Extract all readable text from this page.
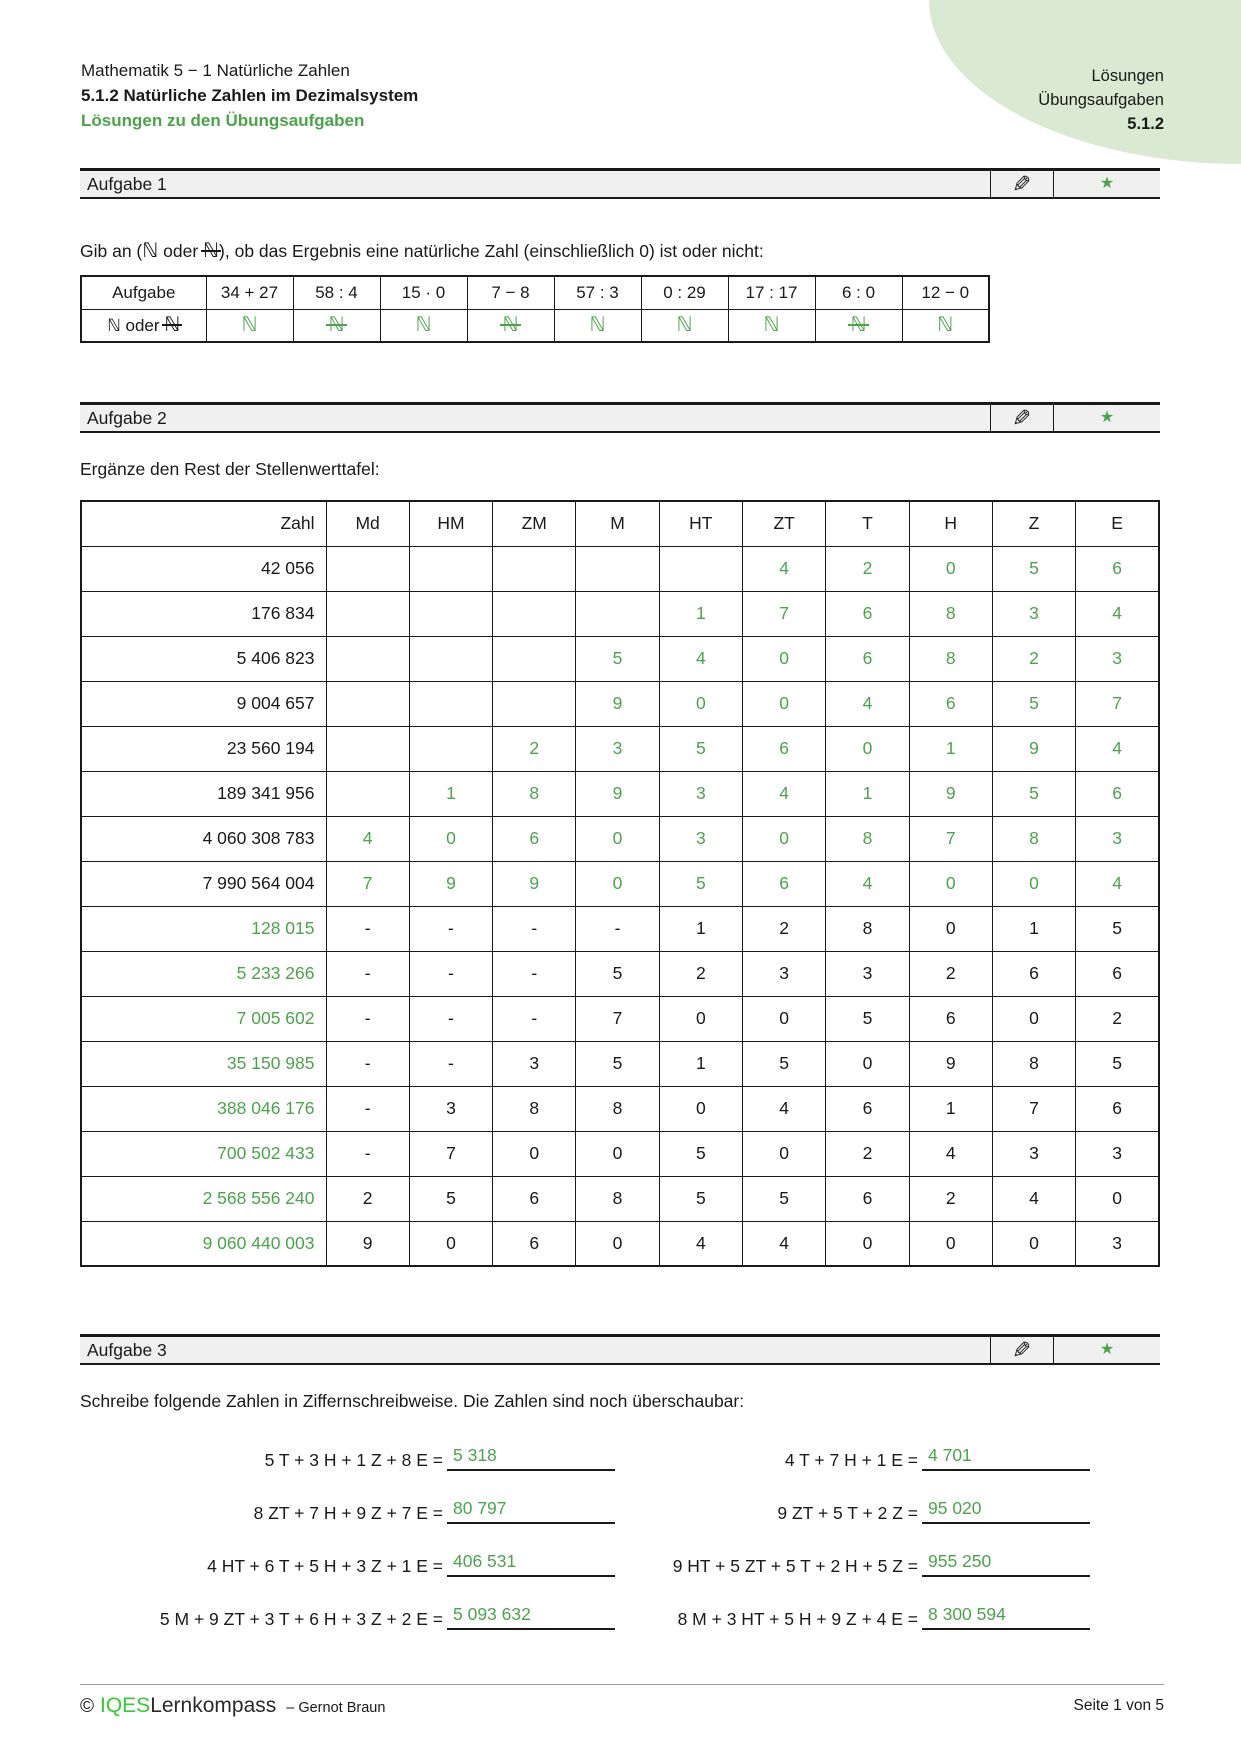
Mathematik 5 − 1 Natürliche Zahlen
5.1.2 Natürliche Zahlen im Dezimalsystem
Lösungen zu den Übungsaufgaben
Lösungen
Übungsaufgaben
5.1.2
Aufgabe 1	✎	★

Gib an (ℕ oder ℕ), ob das Ergebnis eine natürliche Zahl (einschließlich 0) ist oder nicht:

Aufgabe	34 + 27	58 : 4	15 · 0	7 − 8	57 : 3	0 : 29	17 : 17	6 : 0	12 − 0
ℕ oder ℕ	ℕ	ℕ	ℕ	ℕ	ℕ	ℕ	ℕ	ℕ	ℕ
Aufgabe 2	✎	★

Ergänze den Rest der Stellenwerttafel:

Zahl	Md	HM	ZM	M	HT	ZT	T	H	Z	E
42 056						4	2	0	5	6
176 834					1	7	6	8	3	4
5 406 823				5	4	0	6	8	2	3
9 004 657				9	0	0	4	6	5	7
23 560 194			2	3	5	6	0	1	9	4
189 341 956		1	8	9	3	4	1	9	5	6
4 060 308 783	4	0	6	0	3	0	8	7	8	3
7 990 564 004	7	9	9	0	5	6	4	0	0	4
128 015	-	-	-	-	1	2	8	0	1	5
5 233 266	-	-	-	5	2	3	3	2	6	6
7 005 602	-	-	-	7	0	0	5	6	0	2
35 150 985	-	-	3	5	1	5	0	9	8	5
388 046 176	-	3	8	8	0	4	6	1	7	6
700 502 433	-	7	0	0	5	0	2	4	3	3
2 568 556 240	2	5	6	8	5	5	6	2	4	0
9 060 440 003	9	0	6	0	4	4	0	0	0	3
Aufgabe 3	✎	★

Schreibe folgende Zahlen in Ziffernschreibweise. Die Zahlen sind noch überschaubar:

5 T + 3 H + 1 Z + 8 E = 5 318	4 T + 7 H + 1 E = 4 701
8 ZT + 7 H + 9 Z + 7 E = 80 797	9 ZT + 5 T + 2 Z = 95 020
4 HT + 6 T + 5 H + 3 Z + 1 E = 406 531	9 HT + 5 ZT + 5 T + 2 H + 5 Z = 955 250
5 M + 9 ZT + 3 T + 6 H + 3 Z + 2 E = 5 093 632	8 M + 3 HT + 5 H + 9 Z + 4 E = 8 300 594
© IQES Lernkompass – Gernot Braun	Seite 1 von 5
